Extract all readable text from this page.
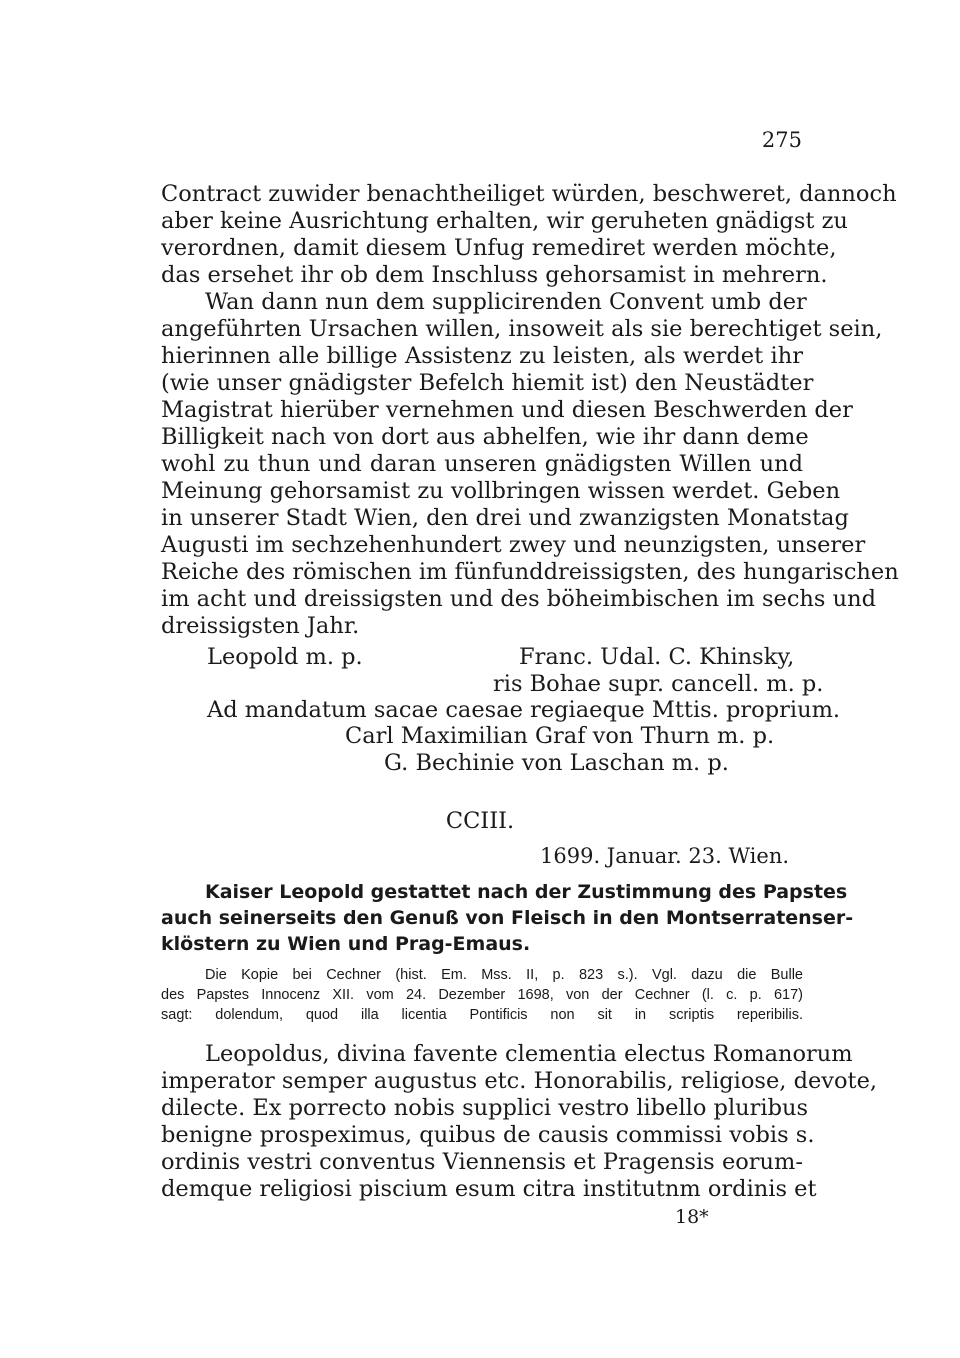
275
Contract zuwider benachtheiliget würden, beschweret, dannoch
aber keine Ausrichtung erhalten, wir geruheten gnädigst zu
verordnen, damit diesem Unfug remediret werden möchte,
das ersehet ihr ob dem Inschluss gehorsamist in mehrern.
Wan dann nun dem supplicirenden Convent umb der
angeführten Ursachen willen, insoweit als sie berechtiget sein,
hierinnen alle billige Assistenz zu leisten, als werdet ihr
(wie unser gnädigster Befelch hiemit ist) den Neustädter
Magistrat hierüber vernehmen und diesen Beschwerden der
Billigkeit nach von dort aus abhelfen, wie ihr dann deme
wohl zu thun und daran unseren gnädigsten Willen und
Meinung gehorsamist zu vollbringen wissen werdet. Geben
in unserer Stadt Wien, den drei und zwanzigsten Monatstag
Augusti im sechzehenhundert zwey und neunzigsten, unserer
Reiche des römischen im fünfunddreissigsten, des hungarischen
im acht und dreissigsten und des böheimbischen im sechs und
dreissigsten Jahr.
Leopold m. p.	Franc. Udal. C. Khinsky,
ris Bohae supr. cancell. m. p.
Ad mandatum sacae caesae regiaeque Mttis. proprium.
Carl Maximilian Graf von Thurn m. p.
G. Bechinie von Laschan m. p.
CCIII.
1699. Januar. 23. Wien.
Kaiser Leopold gestattet nach der Zustimmung des Papstes
auch seinerseits den Genuß von Fleisch in den Montserratenser-
klöstern zu Wien und Prag-Emaus.
Die Kopie bei Cechner (hist. Em. Mss. II, p. 823 s.). Vgl. dazu die Bulle
des Papstes Innocenz XII. vom 24. Dezember 1698, von der Cechner (l. c. p. 617)
sagt: dolendum, quod illa licentia Pontificis non sit in scriptis reperibilis.
Leopoldus, divina favente clementia electus Romanorum
imperator semper augustus etc. Honorabilis, religiose, devote,
dilecte. Ex porrecto nobis supplici vestro libello pluribus
benigne prospeximus, quibus de causis commissi vobis s.
ordinis vestri conventus Viennensis et Pragensis eorum-
demque religiosi piscium esum citra institutnm ordinis et
18*
